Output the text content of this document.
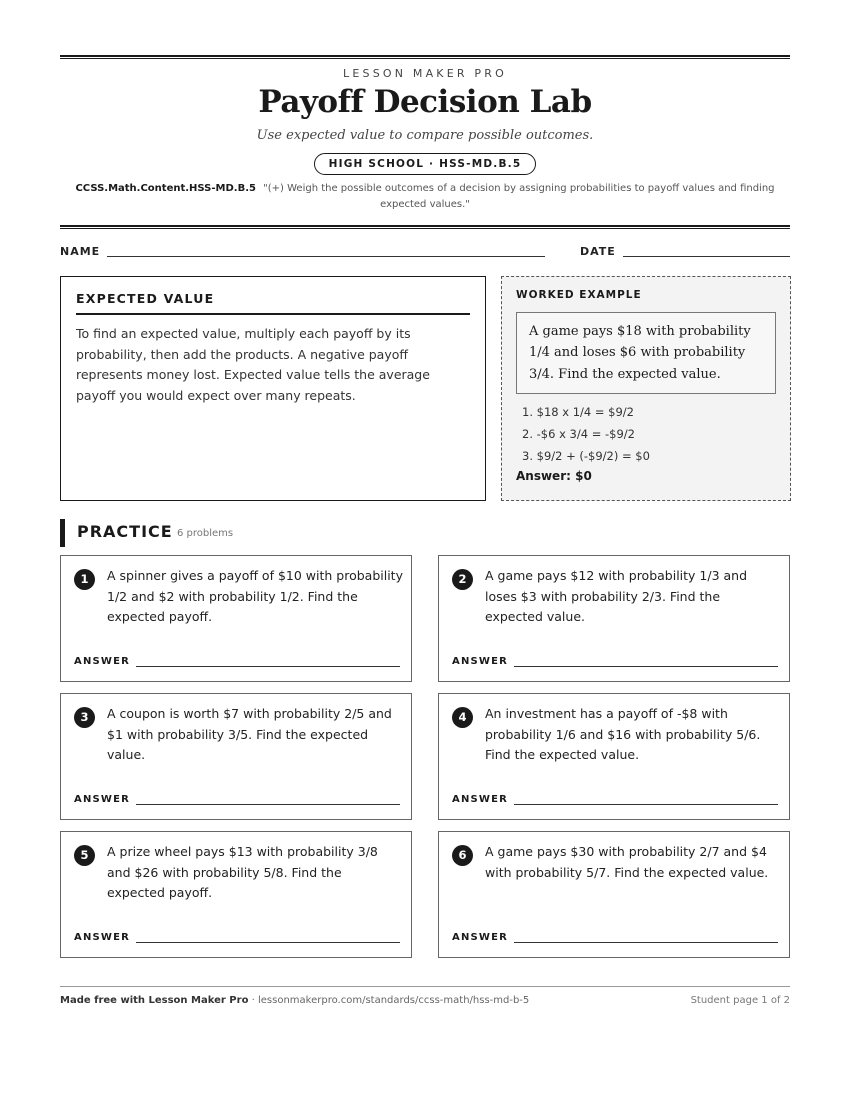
LESSON MAKER PRO
Payoff Decision Lab
Use expected value to compare possible outcomes.
HIGH SCHOOL · HSS-MD.B.5
CCSS.Math.Content.HSS-MD.B.5 "(+) Weigh the possible outcomes of a decision by assigning probabilities to payoff values and finding expected values."
NAME	DATE
EXPECTED VALUE
To find an expected value, multiply each payoff by its probability, then add the products. A negative payoff represents money lost. Expected value tells the average payoff you would expect over many repeats.
WORKED EXAMPLE
A game pays $18 with probability 1/4 and loses $6 with probability 3/4. Find the expected value.
1. $18 x 1/4 = $9/2
2. -$6 x 3/4 = -$9/2
3. $9/2 + (-$9/2) = $0
Answer: $0
PRACTICE 6 problems
1	A spinner gives a payoff of $10 with probability 1/2 and $2 with probability 1/2. Find the expected payoff.
ANSWER
2	A game pays $12 with probability 1/3 and loses $3 with probability 2/3. Find the expected value.
ANSWER
3	A coupon is worth $7 with probability 2/5 and $1 with probability 3/5. Find the expected value.
ANSWER
4	An investment has a payoff of -$8 with probability 1/6 and $16 with probability 5/6. Find the expected value.
ANSWER
5	A prize wheel pays $13 with probability 3/8 and $26 with probability 5/8. Find the expected payoff.
ANSWER
6	A game pays $30 with probability 2/7 and $4 with probability 5/7. Find the expected value.
ANSWER
Made free with Lesson Maker Pro · lessonmakerpro.com/standards/ccss-math/hss-md-b-5	Student page 1 of 2
